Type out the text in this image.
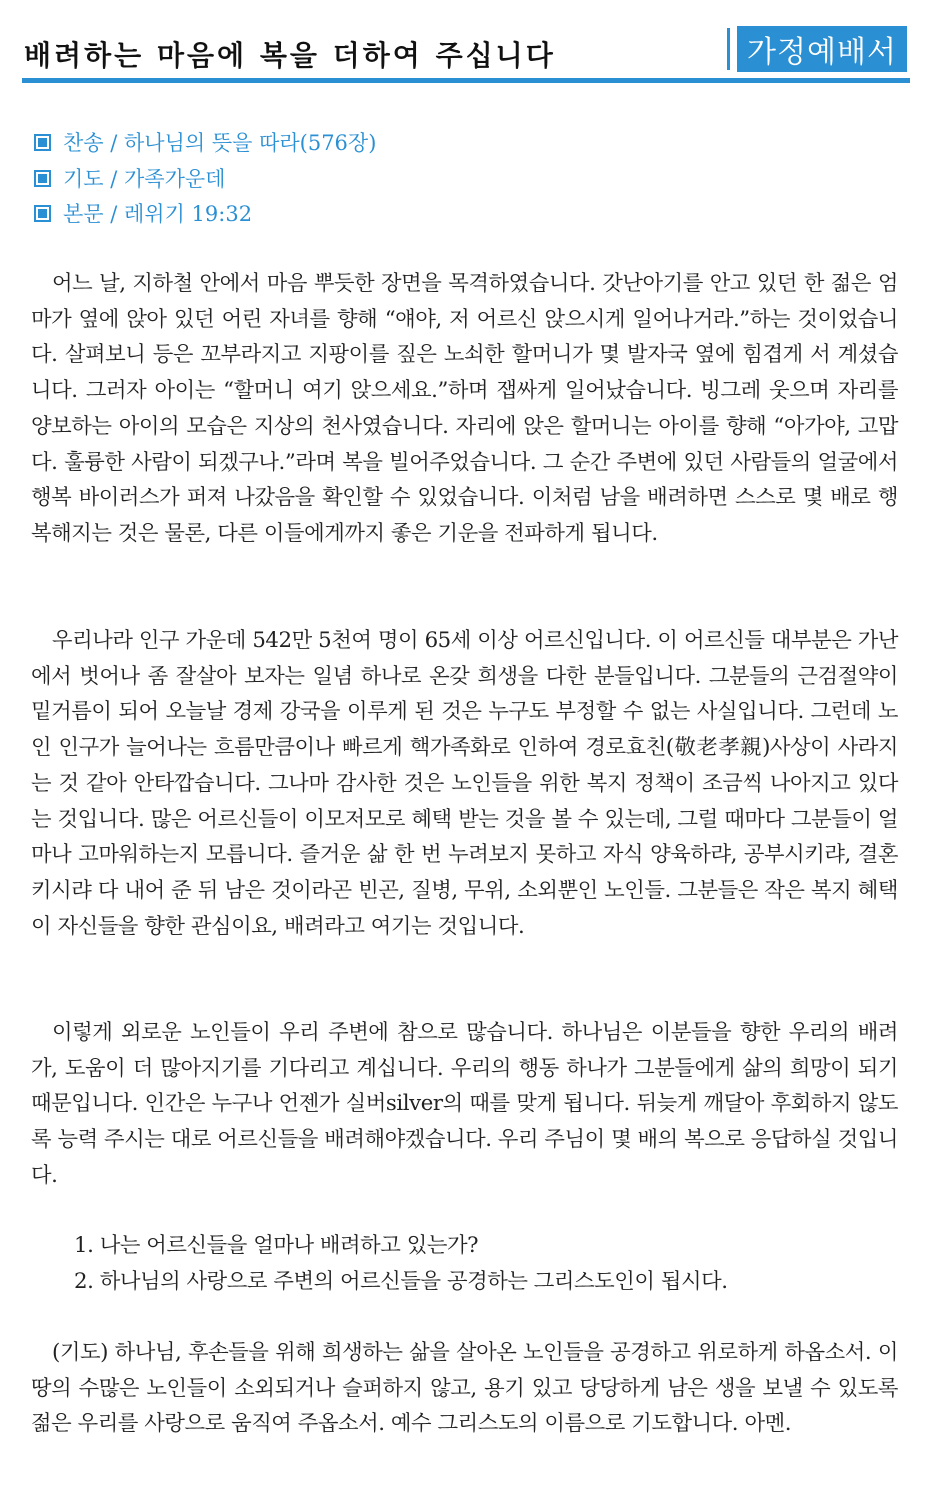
배려하는 마음에 복을 더하여 주십니다	가정예배서
찬송 / 하나님의 뜻을 따라(576장)
기도 / 가족가운데
본문 / 레위기 19:32

어느 날, 지하철 안에서 마음 뿌듯한 장면을 목격하였습니다. 갓난아기를 안고 있던 한 젊은 엄마가 옆에 앉아 있던 어린 자녀를 향해 “얘야, 저 어르신 앉으시게 일어나거라.”하는 것이었습니다. 살펴보니 등은 꼬부라지고 지팡이를 짚은 노쇠한 할머니가 몇 발자국 옆에 힘겹게 서 계셨습니다. 그러자 아이는 “할머니 여기 앉으세요.”하며 잽싸게 일어났습니다. 빙그레 웃으며 자리를 양보하는 아이의 모습은 지상의 천사였습니다. 자리에 앉은 할머니는 아이를 향해 “아가야, 고맙다. 훌륭한 사람이 되겠구나.”라며 복을 빌어주었습니다. 그 순간 주변에 있던 사람들의 얼굴에서 행복 바이러스가 퍼져 나갔음을 확인할 수 있었습니다. 이처럼 남을 배려하면 스스로 몇 배로 행복해지는 것은 물론, 다른 이들에게까지 좋은 기운을 전파하게 됩니다.

우리나라 인구 가운데 542만 5천여 명이 65세 이상 어르신입니다. 이 어르신들 대부분은 가난에서 벗어나 좀 잘살아 보자는 일념 하나로 온갖 희생을 다한 분들입니다. 그분들의 근검절약이 밑거름이 되어 오늘날 경제 강국을 이루게 된 것은 누구도 부정할 수 없는 사실입니다. 그런데 노인 인구가 늘어나는 흐름만큼이나 빠르게 핵가족화로 인하여 경로효친(敬老孝親)사상이 사라지는 것 같아 안타깝습니다. 그나마 감사한 것은 노인들을 위한 복지 정책이 조금씩 나아지고 있다는 것입니다. 많은 어르신들이 이모저모로 혜택 받는 것을 볼 수 있는데, 그럴 때마다 그분들이 얼마나 고마워하는지 모릅니다. 즐거운 삶 한 번 누려보지 못하고 자식 양육하랴, 공부시키랴, 결혼키시랴 다 내어 준 뒤 남은 것이라곤 빈곤, 질병, 무위, 소외뿐인 노인들. 그분들은 작은 복지 혜택이 자신들을 향한 관심이요, 배려라고 여기는 것입니다.

이렇게 외로운 노인들이 우리 주변에 참으로 많습니다. 하나님은 이분들을 향한 우리의 배려가, 도움이 더 많아지기를 기다리고 계십니다. 우리의 행동 하나가 그분들에게 삶의 희망이 되기 때문입니다. 인간은 누구나 언젠가 실버silver의 때를 맞게 됩니다. 뒤늦게 깨달아 후회하지 않도록 능력 주시는 대로 어르신들을 배려해야겠습니다. 우리 주님이 몇 배의 복으로 응답하실 것입니다.

1. 나는 어르신들을 얼마나 배려하고 있는가?
2. 하나님의 사랑으로 주변의 어르신들을 공경하는 그리스도인이 됩시다.

(기도) 하나님, 후손들을 위해 희생하는 삶을 살아온 노인들을 공경하고 위로하게 하옵소서. 이 땅의 수많은 노인들이 소외되거나 슬퍼하지 않고, 용기 있고 당당하게 남은 생을 보낼 수 있도록 젊은 우리를 사랑으로 움직여 주옵소서. 예수 그리스도의 이름으로 기도합니다. 아멘.
